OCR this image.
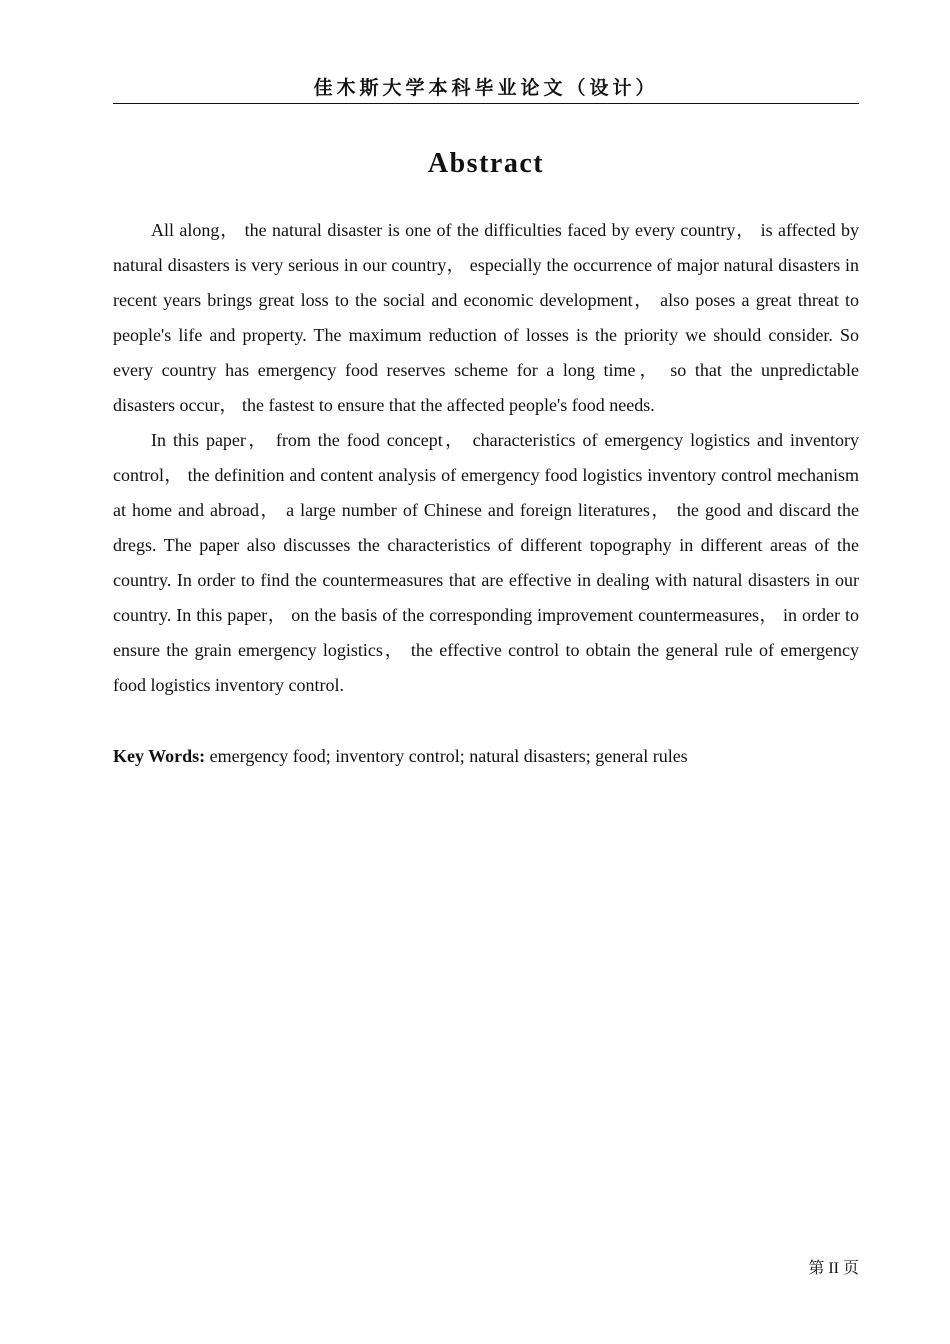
佳木斯大学本科毕业论文（设计）
Abstract

All along， the natural disaster is one of the difficulties faced by every country， is affected by natural disasters is very serious in our country， especially the occurrence of major natural disasters in recent years brings great loss to the social and economic development， also poses a great threat to people's life and property. The maximum reduction of losses is the priority we should consider. So every country has emergency food reserves scheme for a long time， so that the unpredictable disasters occur， the fastest to ensure that the affected people's food needs.

In this paper， from the food concept， characteristics of emergency logistics and inventory control， the definition and content analysis of emergency food logistics inventory control mechanism at home and abroad， a large number of Chinese and foreign literatures， the good and discard the dregs. The paper also discusses the characteristics of different topography in different areas of the country. In order to find the countermeasures that are effective in dealing with natural disasters in our country. In this paper， on the basis of the corresponding improvement countermeasures， in order to ensure the grain emergency logistics， the effective control to obtain the general rule of emergency food logistics inventory control.

Key Words: emergency food; inventory control; natural disasters; general rules
第 II 页
